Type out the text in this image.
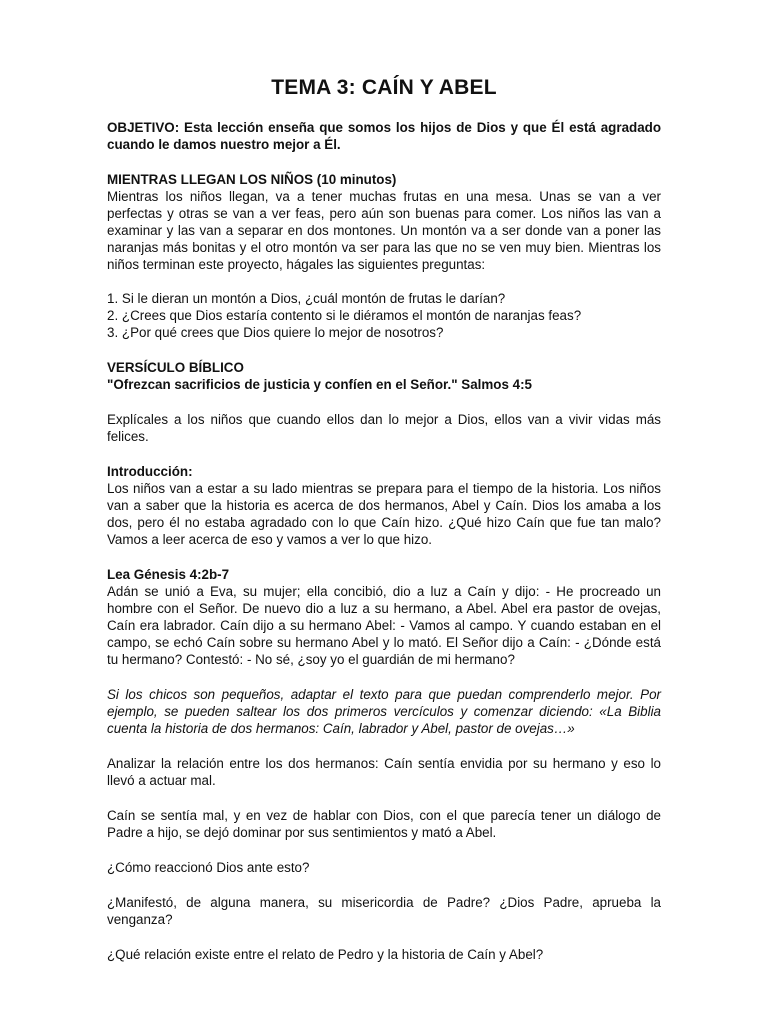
TEMA 3: CAÍN Y ABEL

OBJETIVO: Esta lección enseña que somos los hijos de Dios y que Él está agradado cuando le damos nuestro mejor a Él.

MIENTRAS LLEGAN LOS NIÑOS (10 minutos)

Mientras los niños llegan, va a tener muchas frutas en una mesa. Unas se van a ver perfectas y otras se van a ver feas, pero aún son buenas para comer. Los niños las van a examinar y las van a separar en dos montones. Un montón va a ser donde van a poner las naranjas más bonitas y el otro montón va ser para las que no se ven muy bien. Mientras los niños terminan este proyecto, hágales las siguientes preguntas:

1. Si le dieran un montón a Dios, ¿cuál montón de frutas le darían?

2. ¿Crees que Dios estaría contento si le diéramos el montón de naranjas feas?

3. ¿Por qué crees que Dios quiere lo mejor de nosotros?

VERSÍCULO BÍBLICO

"Ofrezcan sacrificios de justicia y confíen en el Señor." Salmos 4:5

Explícales a los niños que cuando ellos dan lo mejor a Dios, ellos van a vivir vidas más felices.

Introducción:

Los niños van a estar a su lado mientras se prepara para el tiempo de la historia. Los niños van a saber que la historia es acerca de dos hermanos, Abel y Caín. Dios los amaba a los dos, pero él no estaba agradado con lo que Caín hizo. ¿Qué hizo Caín que fue tan malo? Vamos a leer acerca de eso y vamos a ver lo que hizo.

Lea Génesis 4:2b-7

Adán se unió a Eva, su mujer; ella concibió, dio a luz a Caín y dijo: - He procreado un hombre con el Señor. De nuevo dio a luz a su hermano, a Abel. Abel era pastor de ovejas, Caín era labrador. Caín dijo a su hermano Abel: - Vamos al campo. Y cuando estaban en el campo, se echó Caín sobre su hermano Abel y lo mató. El Señor dijo a Caín: - ¿Dónde está tu hermano? Contestó: - No sé, ¿soy yo el guardián de mi hermano?

Si los chicos son pequeños, adaptar el texto para que puedan comprenderlo mejor. Por ejemplo, se pueden saltear los dos primeros vercículos y comenzar diciendo: «La Biblia cuenta la historia de dos hermanos: Caín, labrador y Abel, pastor de ovejas…»

Analizar la relación entre los dos hermanos: Caín sentía envidia por su hermano y eso lo llevó a actuar mal.

Caín se sentía mal, y en vez de hablar con Dios, con el que parecía tener un diálogo de Padre a hijo, se dejó dominar por sus sentimientos y mató a Abel.

¿Cómo reaccionó Dios ante esto?

¿Manifestó, de alguna manera, su misericordia de Padre? ¿Dios Padre, aprueba la venganza?

¿Qué relación existe entre el relato de Pedro y la historia de Caín y Abel?
